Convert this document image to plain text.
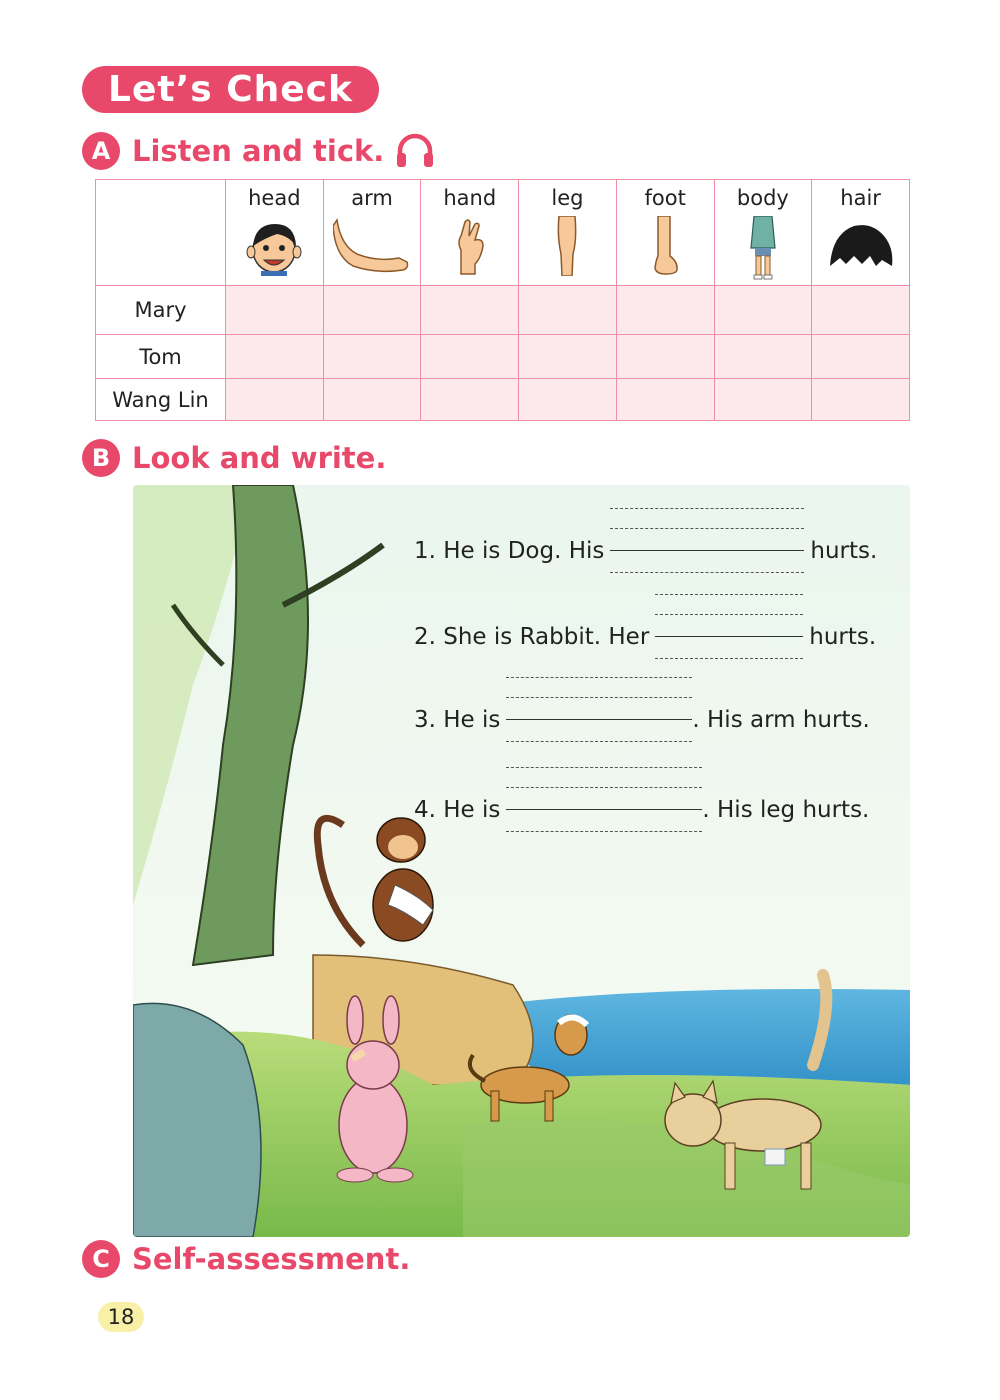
Let’s Check
A Listen and tick.

	head	arm	hand	leg	foot	body	hair

Mary							
Tom							
Wang Lin							
B Look and write.
1. He is Dog. His	hurts.
2. She is Rabbit. Her	hurts.
3. He is	. His arm hurts.
4. He is	. His leg hurts.
C Self-assessment.
18
